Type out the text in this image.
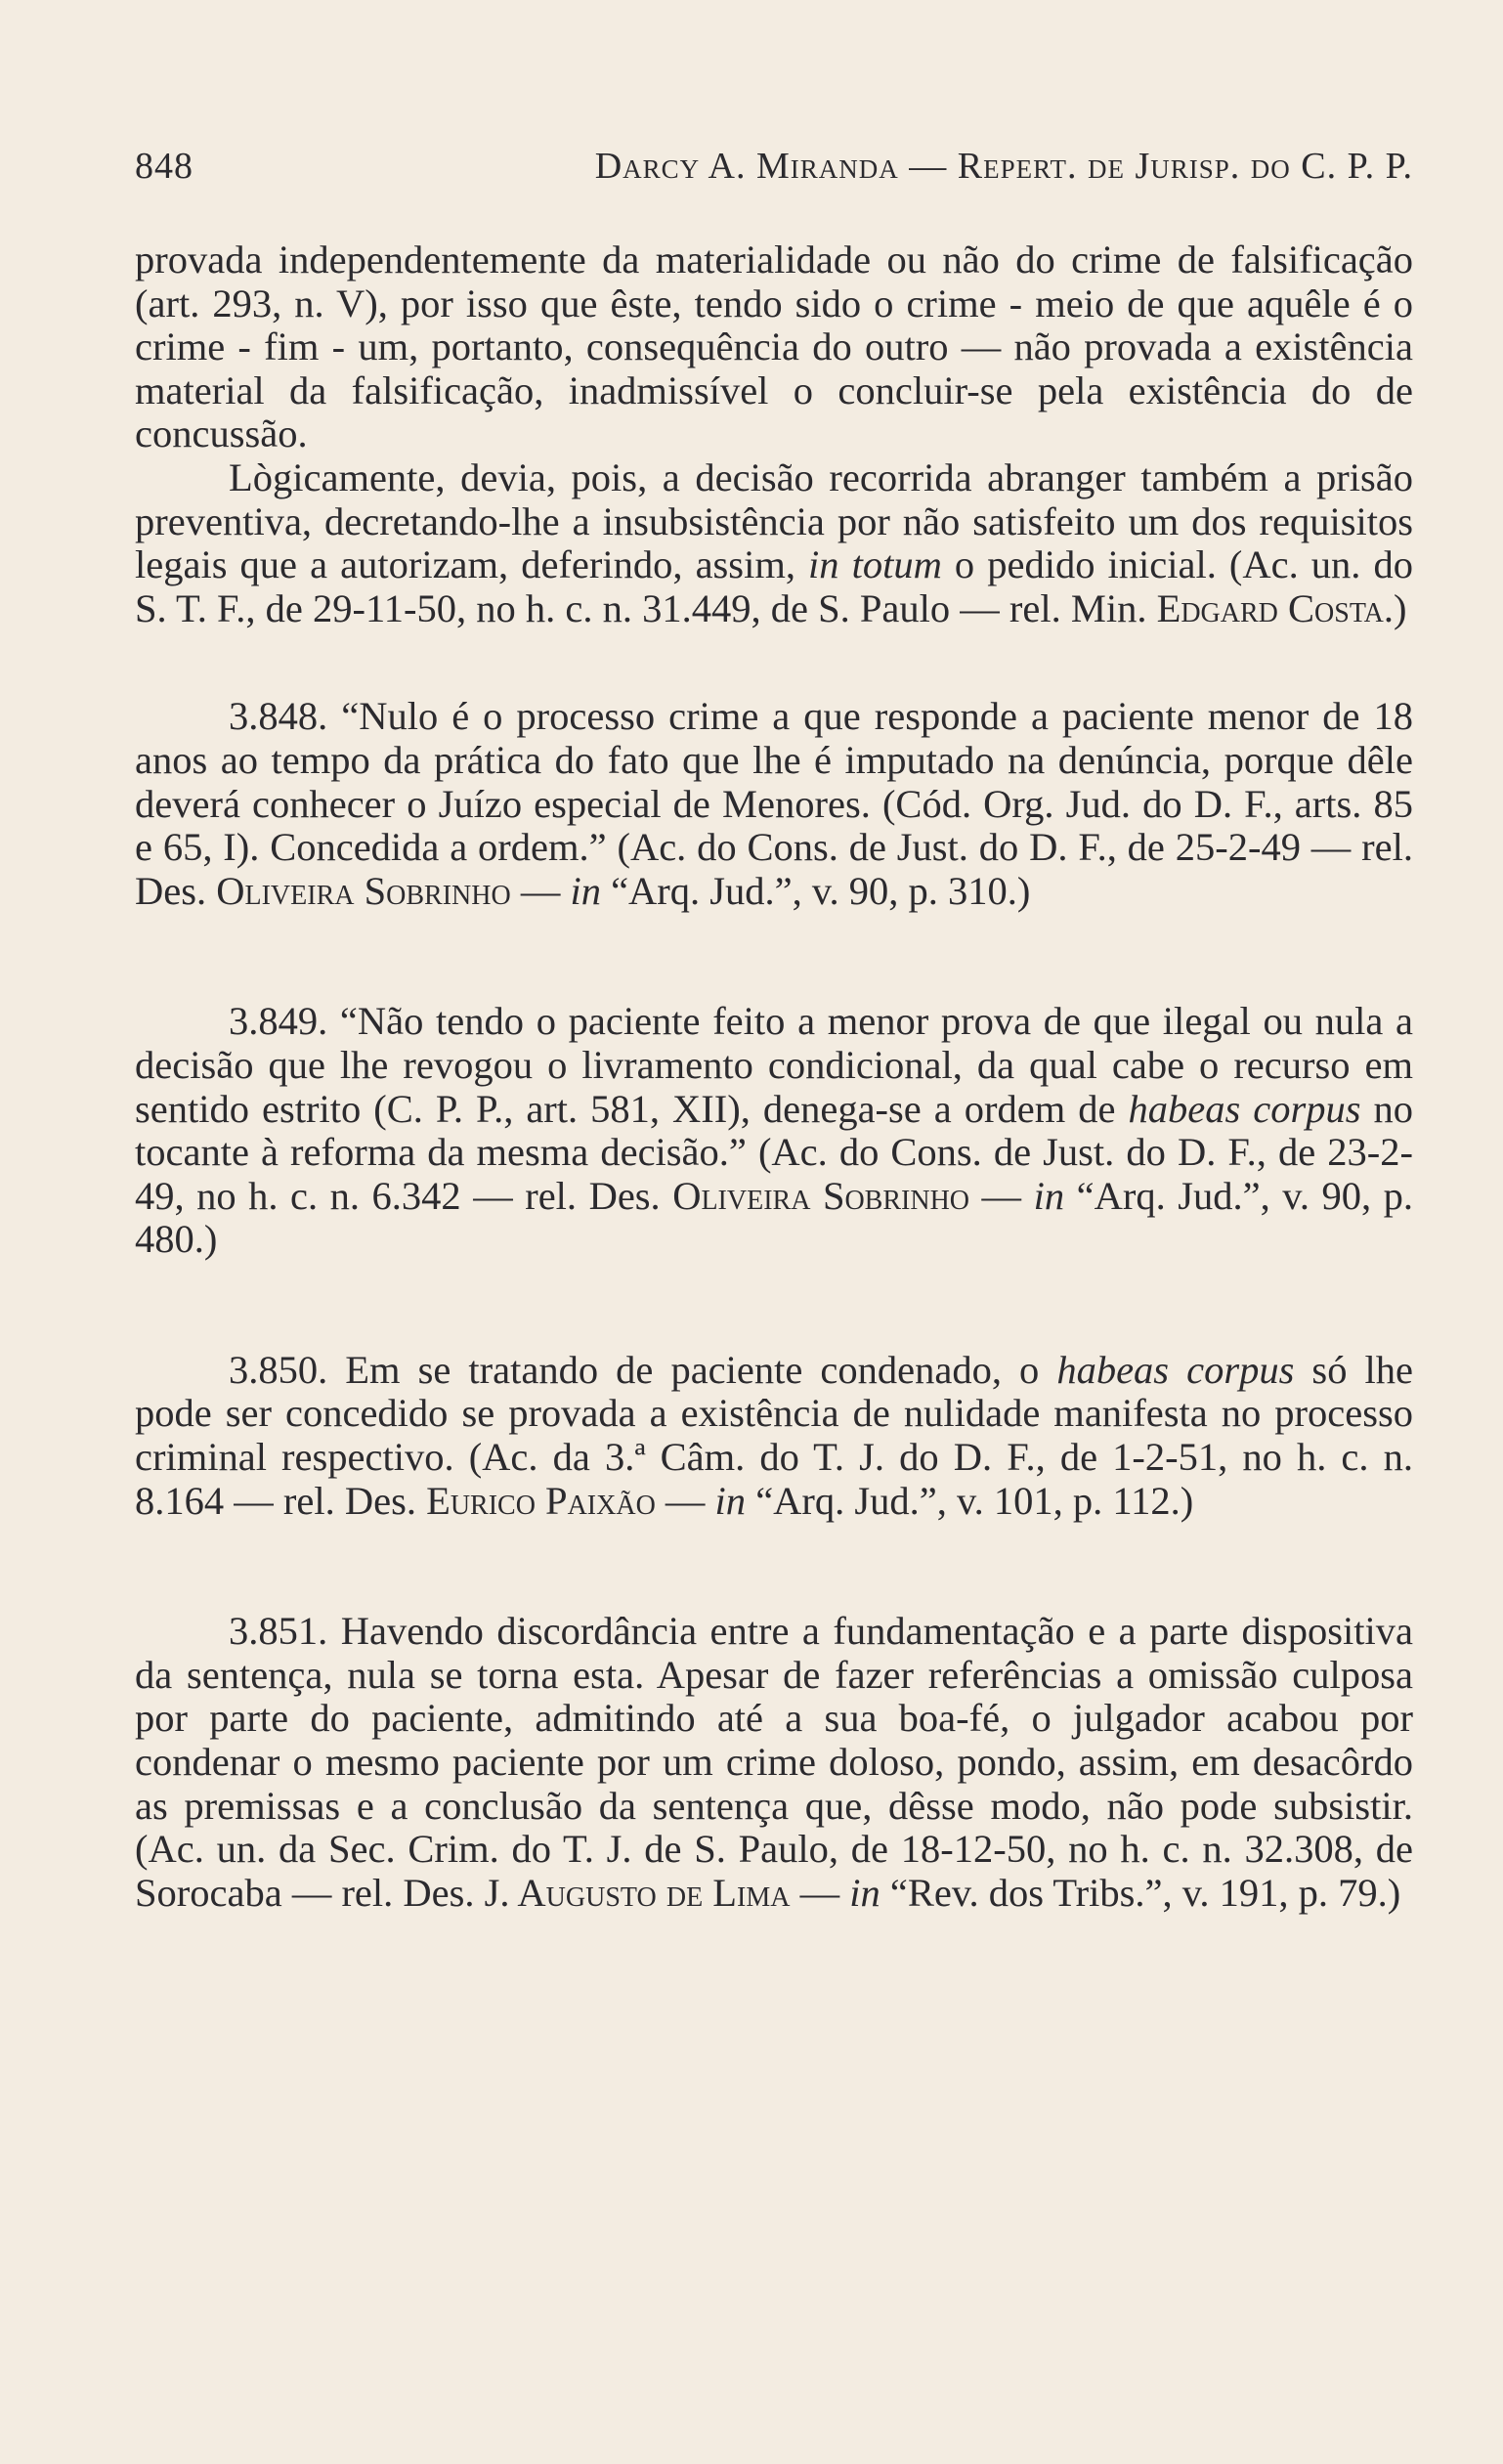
848	Darcy A. Miranda — Repert. de Jurisp. do C. P. P.

provada independentemente da materialidade ou não do crime de falsificação (art. 293, n. V), por isso que êste, tendo sido o crime - meio de que aquêle é o crime - fim - um, portanto, consequência do outro — não provada a existência material da falsificação, inadmissível o concluir-se pela existência do de concussão.

Lògicamente, devia, pois, a decisão recorrida abranger também a prisão preventiva, decretando-lhe a insubsistência por não satisfeito um dos requisitos legais que a autorizam, deferindo, assim, in totum o pedido inicial. (Ac. un. do S. T. F., de 29-11-50, no h. c. n. 31.449, de S. Paulo — rel. Min. Edgard Costa.)

3.848. “Nulo é o processo crime a que responde a paciente menor de 18 anos ao tempo da prática do fato que lhe é imputado na denúncia, porque dêle deverá conhecer o Juízo especial de Menores. (Cód. Org. Jud. do D. F., arts. 85 e 65, I). Concedida a ordem.” (Ac. do Cons. de Just. do D. F., de 25-2-49 — rel. Des. Oliveira Sobrinho — in “Arq. Jud.”, v. 90, p. 310.)

3.849. “Não tendo o paciente feito a menor prova de que ilegal ou nula a decisão que lhe revogou o livramento condicional, da qual cabe o recurso em sentido estrito (C. P. P., art. 581, XII), denega-se a ordem de habeas corpus no tocante à reforma da mesma decisão.” (Ac. do Cons. de Just. do D. F., de 23-2-49, no h. c. n. 6.342 — rel. Des. Oliveira Sobrinho — in “Arq. Jud.”, v. 90, p. 480.)

3.850. Em se tratando de paciente condenado, o habeas corpus só lhe pode ser concedido se provada a existência de nulidade manifesta no processo criminal respectivo. (Ac. da 3.ª Câm. do T. J. do D. F., de 1-2-51, no h. c. n. 8.164 — rel. Des. Eurico Paixão — in “Arq. Jud.”, v. 101, p. 112.)

3.851. Havendo discordância entre a fundamentação e a parte dispositiva da sentença, nula se torna esta. Apesar de fazer referências a omissão culposa por parte do paciente, admitindo até a sua boa-fé, o julgador acabou por condenar o mesmo paciente por um crime doloso, pondo, assim, em desacôrdo as premissas e a conclusão da sentença que, dêsse modo, não pode subsistir. (Ac. un. da Sec. Crim. do T. J. de S. Paulo, de 18-12-50, no h. c. n. 32.308, de Sorocaba — rel. Des. J. Augusto de Lima — in “Rev. dos Tribs.”, v. 191, p. 79.)
